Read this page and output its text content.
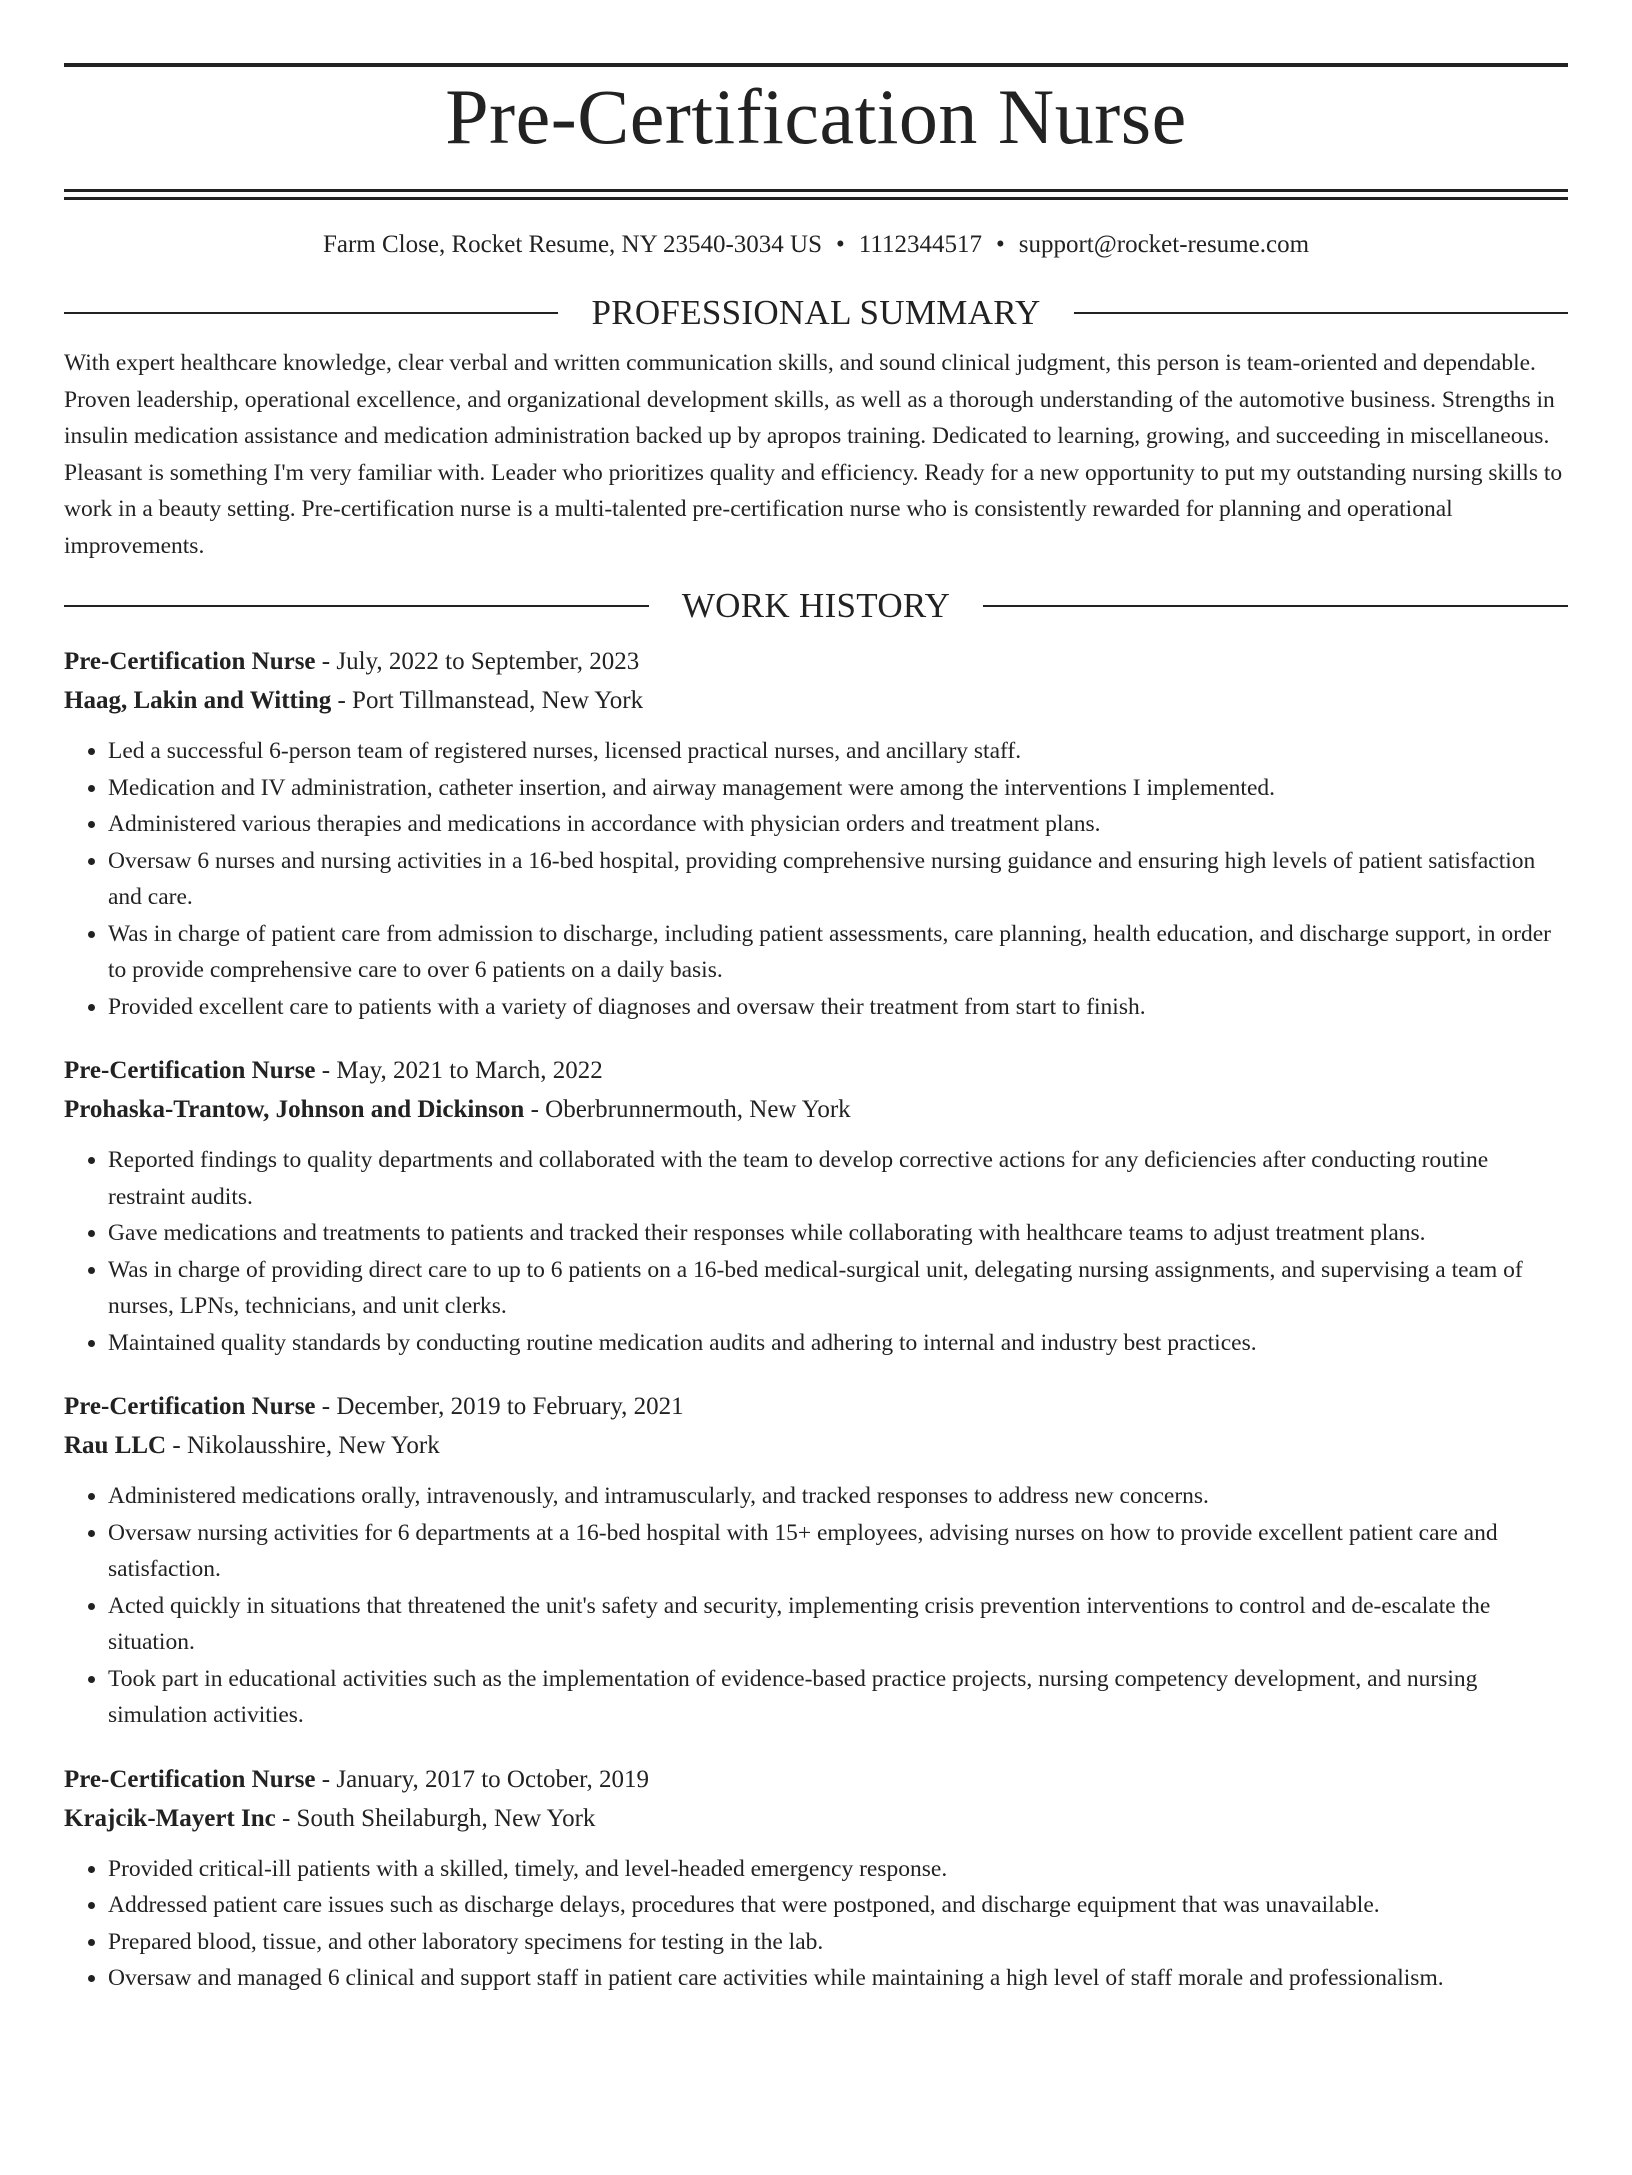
Pre-Certification Nurse
Farm Close, Rocket Resume, NY 23540-3034 US • 1112344517 • support@rocket-resume.com
PROFESSIONAL SUMMARY

With expert healthcare knowledge, clear verbal and written communication skills, and sound clinical judgment, this person is team-oriented and dependable. Proven leadership, operational excellence, and organizational development skills, as well as a thorough understanding of the automotive business. Strengths in insulin medication assistance and medication administration backed up by apropos training. Dedicated to learning, growing, and succeeding in miscellaneous. Pleasant is something I'm very familiar with. Leader who prioritizes quality and efficiency. Ready for a new opportunity to put my outstanding nursing skills to work in a beauty setting. Pre-certification nurse is a multi-talented pre-certification nurse who is consistently rewarded for planning and operational improvements.

WORK HISTORY
Pre-Certification Nurse - July, 2022 to September, 2023
Haag, Lakin and Witting - Port Tillmanstead, New York
• Led a successful 6-person team of registered nurses, licensed practical nurses, and ancillary staff.
• Medication and IV administration, catheter insertion, and airway management were among the interventions I implemented.
• Administered various therapies and medications in accordance with physician orders and treatment plans.
• Oversaw 6 nurses and nursing activities in a 16-bed hospital, providing comprehensive nursing guidance and ensuring high levels of patient satisfaction and care.
• Was in charge of patient care from admission to discharge, including patient assessments, care planning, health education, and discharge support, in order to provide comprehensive care to over 6 patients on a daily basis.
• Provided excellent care to patients with a variety of diagnoses and oversaw their treatment from start to finish.
Pre-Certification Nurse - May, 2021 to March, 2022
Prohaska-Trantow, Johnson and Dickinson - Oberbrunnermouth, New York
• Reported findings to quality departments and collaborated with the team to develop corrective actions for any deficiencies after conducting routine restraint audits.
• Gave medications and treatments to patients and tracked their responses while collaborating with healthcare teams to adjust treatment plans.
• Was in charge of providing direct care to up to 6 patients on a 16-bed medical-surgical unit, delegating nursing assignments, and supervising a team of nurses, LPNs, technicians, and unit clerks.
• Maintained quality standards by conducting routine medication audits and adhering to internal and industry best practices.
Pre-Certification Nurse - December, 2019 to February, 2021
Rau LLC - Nikolausshire, New York
• Administered medications orally, intravenously, and intramuscularly, and tracked responses to address new concerns.
• Oversaw nursing activities for 6 departments at a 16-bed hospital with 15+ employees, advising nurses on how to provide excellent patient care and satisfaction.
• Acted quickly in situations that threatened the unit's safety and security, implementing crisis prevention interventions to control and de-escalate the situation.
• Took part in educational activities such as the implementation of evidence-based practice projects, nursing competency development, and nursing simulation activities.
Pre-Certification Nurse - January, 2017 to October, 2019
Krajcik-Mayert Inc - South Sheilaburgh, New York
• Provided critical-ill patients with a skilled, timely, and level-headed emergency response.
• Addressed patient care issues such as discharge delays, procedures that were postponed, and discharge equipment that was unavailable.
• Prepared blood, tissue, and other laboratory specimens for testing in the lab.
• Oversaw and managed 6 clinical and support staff in patient care activities while maintaining a high level of staff morale and professionalism.
